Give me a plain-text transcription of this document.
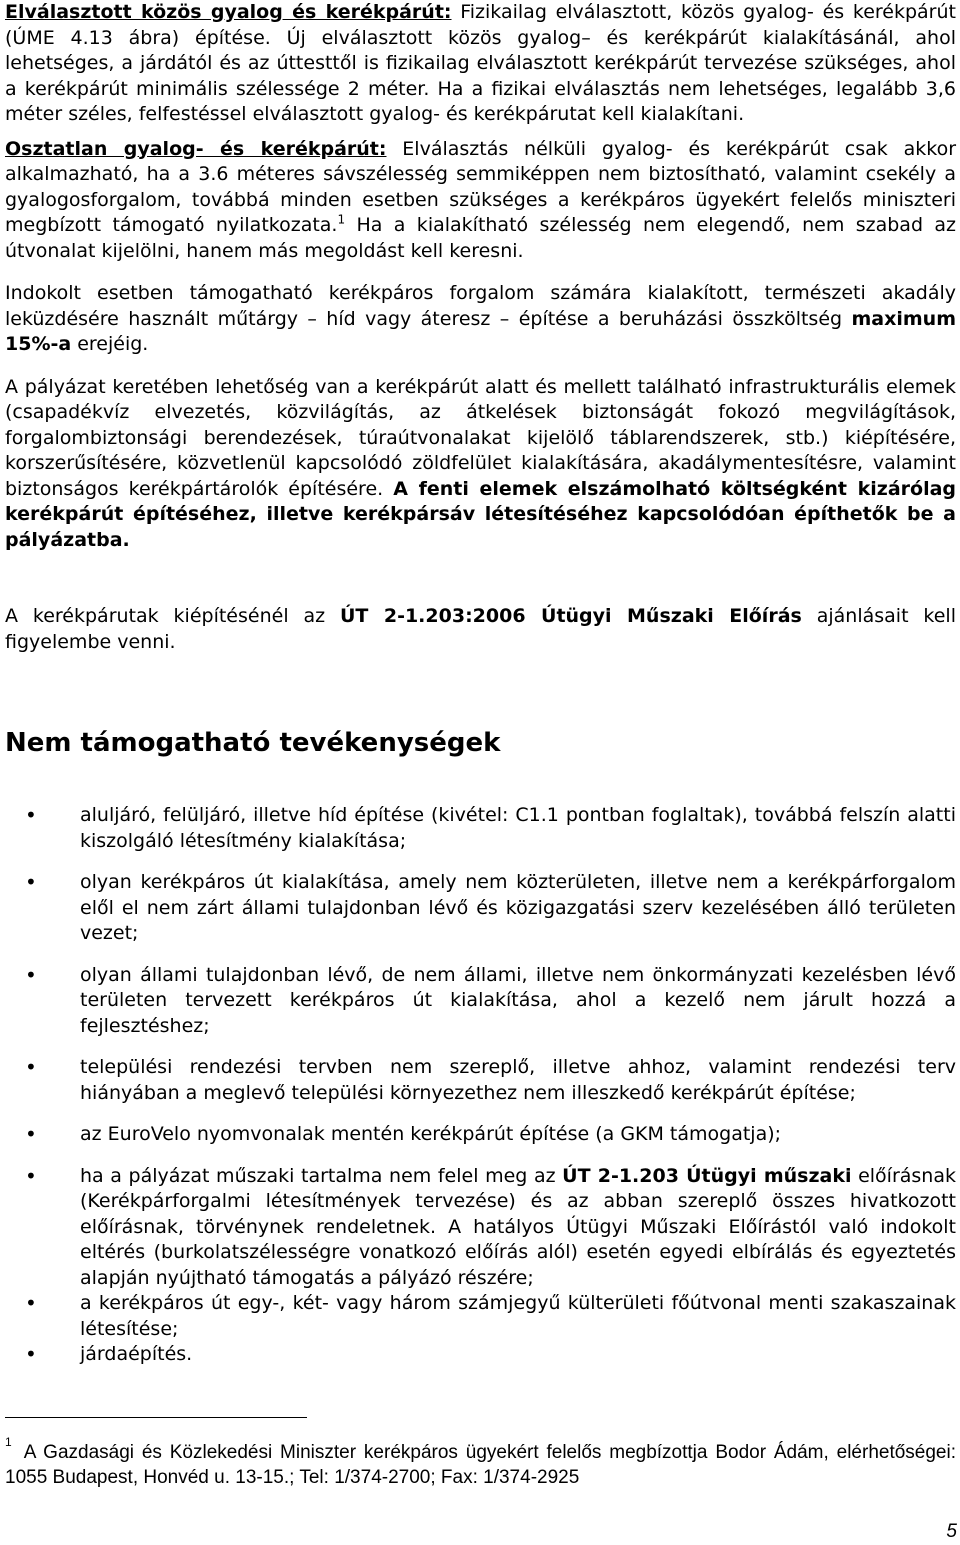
Elválasztott közös gyalog és kerékpárút: Fizikailag elválasztott, közös gyalog- és kerékpárút (ÚME 4.13 ábra) építése. Új elválasztott közös gyalog– és kerékpárút kialakításánál, ahol lehetséges, a járdától és az úttesttől is fizikailag elválasztott kerékpárút tervezése szükséges, ahol a kerékpárút minimális szélessége 2 méter. Ha a fizikai elválasztás nem lehetséges, legalább 3,6 méter széles, felfestéssel elválasztott gyalog- és kerékpárutat kell kialakítani.

Osztatlan gyalog- és kerékpárút: Elválasztás nélküli gyalog- és kerékpárút csak akkor alkalmazható, ha a 3.6 méteres sávszélesség semmiképpen nem biztosítható, valamint csekély a gyalogosforgalom, továbbá minden esetben szükséges a kerékpáros ügyekért felelős miniszteri megbízott támogató nyilatkozata.$^1$ Ha a kialakítható szélesség nem elegendő, nem szabad az útvonalat kijelölni, hanem más megoldást kell keresni.

Indokolt esetben támogatható kerékpáros forgalom számára kialakított, természeti akadály leküzdésére használt műtárgy – híd vagy áteresz – építése a beruházási összköltség maximum 15%-a erejéig.

A pályázat keretében lehetőség van a kerékpárút alatt és mellett található infrastrukturális elemek (csapadékvíz elvezetés, közvilágítás, az átkelések biztonságát fokozó megvilágítások, forgalombiztonsági berendezések, túraútvonalakat kijelölő táblarendszerek, stb.) kiépítésére, korszerűsítésére, közvetlenül kapcsolódó zöldfelület kialakítására, akadálymentesítésre, valamint biztonságos kerékpártárolók építésére. A fenti elemek elszámolható költségként kizárólag kerékpárút építéséhez, illetve kerékpársáv létesítéséhez kapcsolódóan építhetők be a pályázatba.

A kerékpárutak kiépítésénél az ÚT 2-1.203:2006 Útügyi Műszaki Előírás ajánlásait kell figyelembe venni.

Nem támogatható tevékenységek
• aluljáró, felüljáró, illetve híd építése (kivétel: C1.1 pontban foglaltak), továbbá felszín alatti kiszolgáló létesítmény kialakítása;
• olyan kerékpáros út kialakítása, amely nem közterületen, illetve nem a kerékpárforgalom elől el nem zárt állami tulajdonban lévő és közigazgatási szerv kezelésében álló területen vezet;
• olyan állami tulajdonban lévő, de nem állami, illetve nem önkormányzati kezelésben lévő területen tervezett kerékpáros út kialakítása, ahol a kezelő nem járult hozzá a fejlesztéshez;
• települési rendezési tervben nem szereplő, illetve ahhoz, valamint rendezési terv hiányában a meglevő települési környezethez nem illeszkedő kerékpárút építése;
• az EuroVelo nyomvonalak mentén kerékpárút építése (a GKM támogatja);
• ha a pályázat műszaki tartalma nem felel meg az ÚT 2-1.203 Útügyi műszaki előírásnak (Kerékpárforgalmi létesítmények tervezése) és az abban szereplő összes hivatkozott előírásnak, törvénynek rendeletnek. A hatályos Útügyi Műszaki Előírástól való indokolt eltérés (burkolatszélességre vonatkozó előírás alól) esetén egyedi elbírálás és egyeztetés alapján nyújtható támogatás a pályázó részére;
• a kerékpáros út egy-, két- vagy három számjegyű külterületi főútvonal menti szakaszainak létesítése;
• járdaépítés.
$^1$ A Gazdasági és Közlekedési Miniszter kerékpáros ügyekért felelős megbízottja Bodor Ádám, elérhetőségei: 1055 Budapest, Honvéd u. 13-15.; Tel: 1/374-2700; Fax: 1/374-2925
5
